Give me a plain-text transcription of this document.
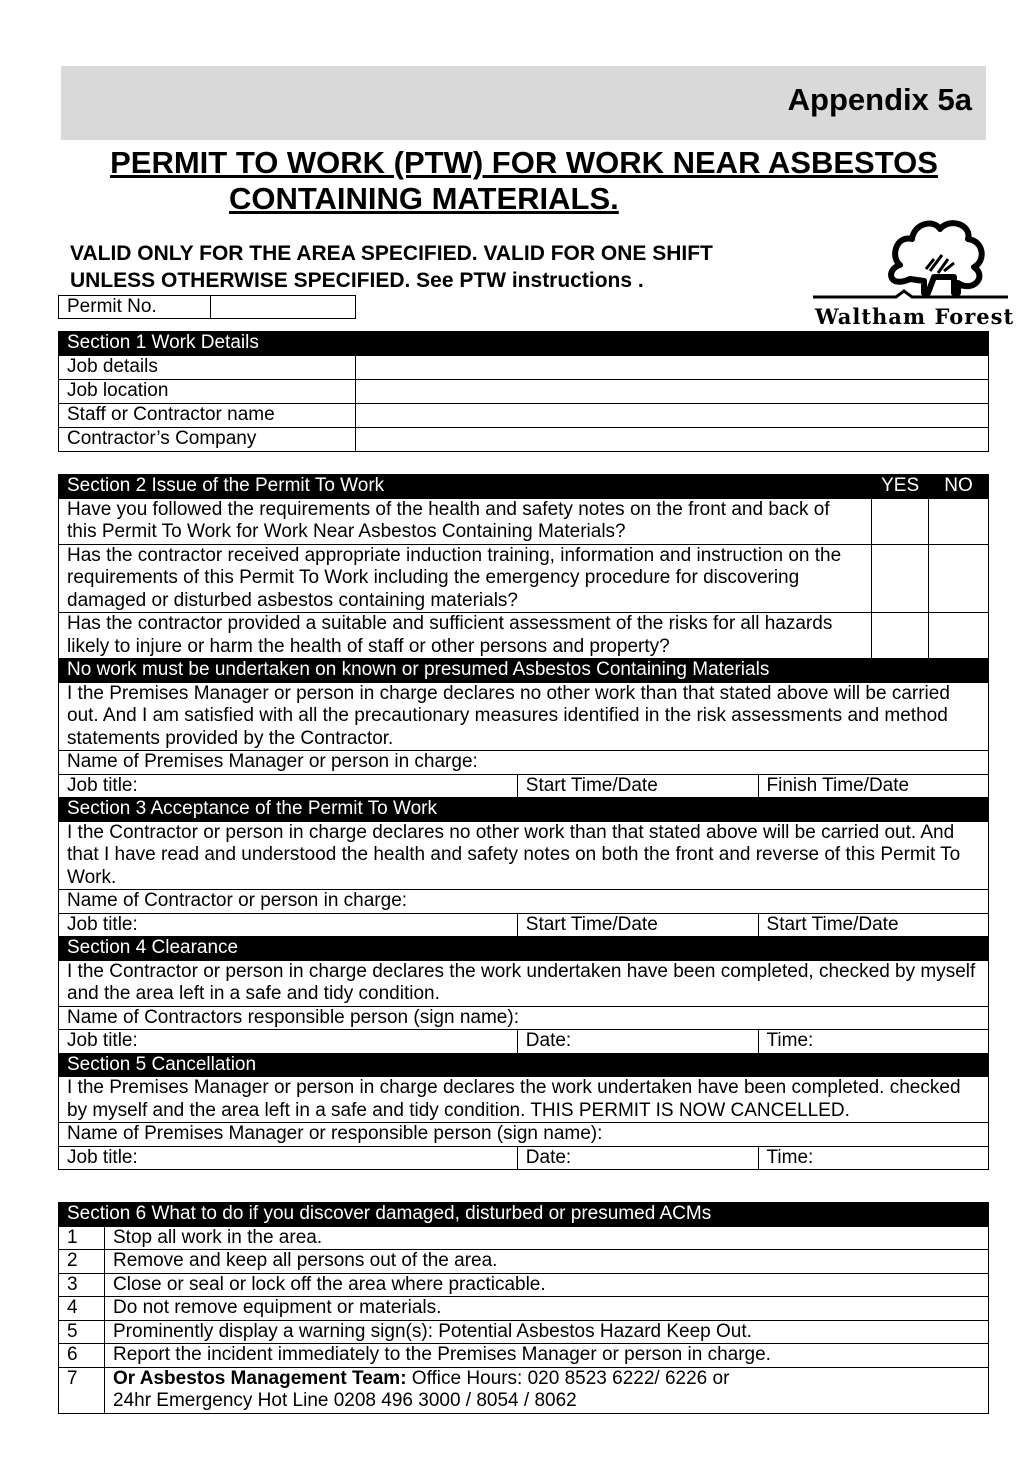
Appendix 5a
PERMIT TO WORK (PTW) FOR WORK NEAR ASBESTOS
CONTAINING MATERIALS.
VALID ONLY FOR THE AREA SPECIFIED. VALID FOR ONE SHIFT
UNLESS OTHERWISE SPECIFIED. See PTW instructions .
Permit No.	Waltham Forest
Section 1 Work Details	
Job details	
Job location	
Staff or Contractor name	
Contractor’s Company	
Section 2 Issue of the Permit To Work			YES	NO
Have you followed the requirements of the health and safety notes on the front and back of this Permit To Work for Work Near Asbestos Containing Materials?				
Has the contractor received appropriate induction training, information and instruction on the requirements of this Permit To Work including the emergency procedure for discovering damaged or disturbed asbestos containing materials?				
Has the contractor provided a suitable and sufficient assessment of the risks for all hazards likely to injure or harm the health of staff or other persons and property?				
No work must be undertaken on known or presumed Asbestos Containing Materials				
I the Premises Manager or person in charge declares no other work than that stated above will be carried out. And I am satisfied with all the precautionary measures identified in the risk assessments and method statements provided by the Contractor.				
Name of Premises Manager or person in charge:				
Job title:	Start Time/Date	Finish Time/Date		
Section 3 Acceptance of the Permit To Work				
I the Contractor or person in charge declares no other work than that stated above will be carried out. And that I have read and understood the health and safety notes on both the front and reverse of this Permit To Work.				
Name of Contractor or person in charge:				
Job title:	Start Time/Date	Start Time/Date		
Section 4 Clearance				
I the Contractor or person in charge declares the work undertaken have been completed, checked by myself and the area left in a safe and tidy condition.				
Name of Contractors responsible person (sign name):				
Job title:	Date:	Time:		
Section 5 Cancellation				
I the Premises Manager or person in charge declares the work undertaken have been completed. checked by myself and the area left in a safe and tidy condition. THIS PERMIT IS NOW CANCELLED.				
Name of Premises Manager or responsible person (sign name):				
Job title:	Date:	Time:		
Section 6 What to do if you discover damaged, disturbed or presumed ACMs	
1	Stop all work in the area.
2	Remove and keep all persons out of the area.
3	Close or seal or lock off the area where practicable.
4	Do not remove equipment or materials.
5	Prominently display a warning sign(s): Potential Asbestos Hazard Keep Out.
6	Report the incident immediately to the Premises Manager or person in charge.
7	Or Asbestos Management Team: Office Hours: 020 8523 6222/ 6226 or
24hr Emergency Hot Line 0208 496 3000 / 8054 / 8062
